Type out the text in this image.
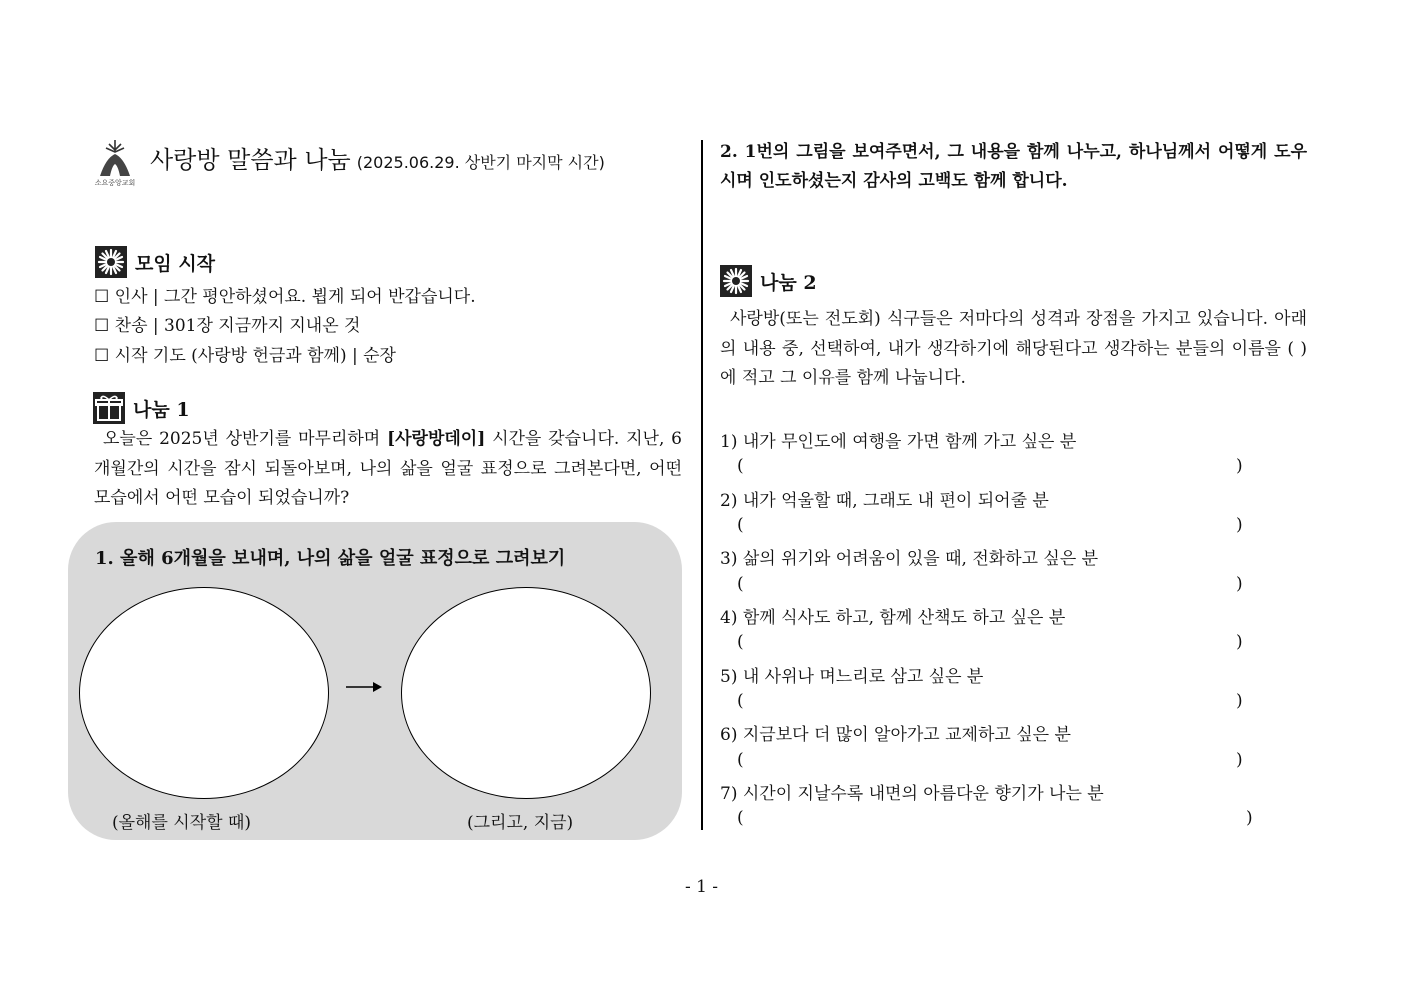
소요중앙교회
사랑방 말씀과 나눔 (2025.06.29. 상반기 마지막 시간)
모임 시작
☐ 인사 | 그간 평안하셨어요. 뵙게 되어 반갑습니다.
☐ 찬송 | 301장 지금까지 지내온 것
☐ 시작 기도 (사랑방 헌금과 함께) | 순장
나눔 1
오늘은 2025년 상반기를 마무리하며 [사랑방데이] 시간을 갖습니다. 지난, 6개월간의 시간을 잠시 되돌아보며, 나의 삶을 얼굴 표정으로 그려본다면, 어떤 모습에서 어떤 모습이 되었습니까?
1. 올해 6개월을 보내며, 나의 삶을 얼굴 표정으로 그려보기
(올해를 시작할 때)	(그리고, 지금)
2. 1번의 그림을 보여주면서, 그 내용을 함께 나누고, 하나님께서 어떻게 도우시며 인도하셨는지 감사의 고백도 함께 합니다.
나눔 2
사랑방(또는 전도회) 식구들은 저마다의 성격과 장점을 가지고 있습니다. 아래의 내용 중, 선택하여, 내가 생각하기에 해당된다고 생각하는 분들의 이름을 ( )에 적고 그 이유를 함께 나눕니다.
1) 내가 무인도에 여행을 가면 함께 가고 싶은 분
(	)
2) 내가 억울할 때, 그래도 내 편이 되어줄 분
(	)
3) 삶의 위기와 어려움이 있을 때, 전화하고 싶은 분
(	)
4) 함께 식사도 하고, 함께 산책도 하고 싶은 분
(	)
5) 내 사위나 며느리로 삼고 싶은 분
(	)
6) 지금보다 더 많이 알아가고 교제하고 싶은 분
(	)
7) 시간이 지날수록 내면의 아름다운 향기가 나는 분
(	)
- 1 -
